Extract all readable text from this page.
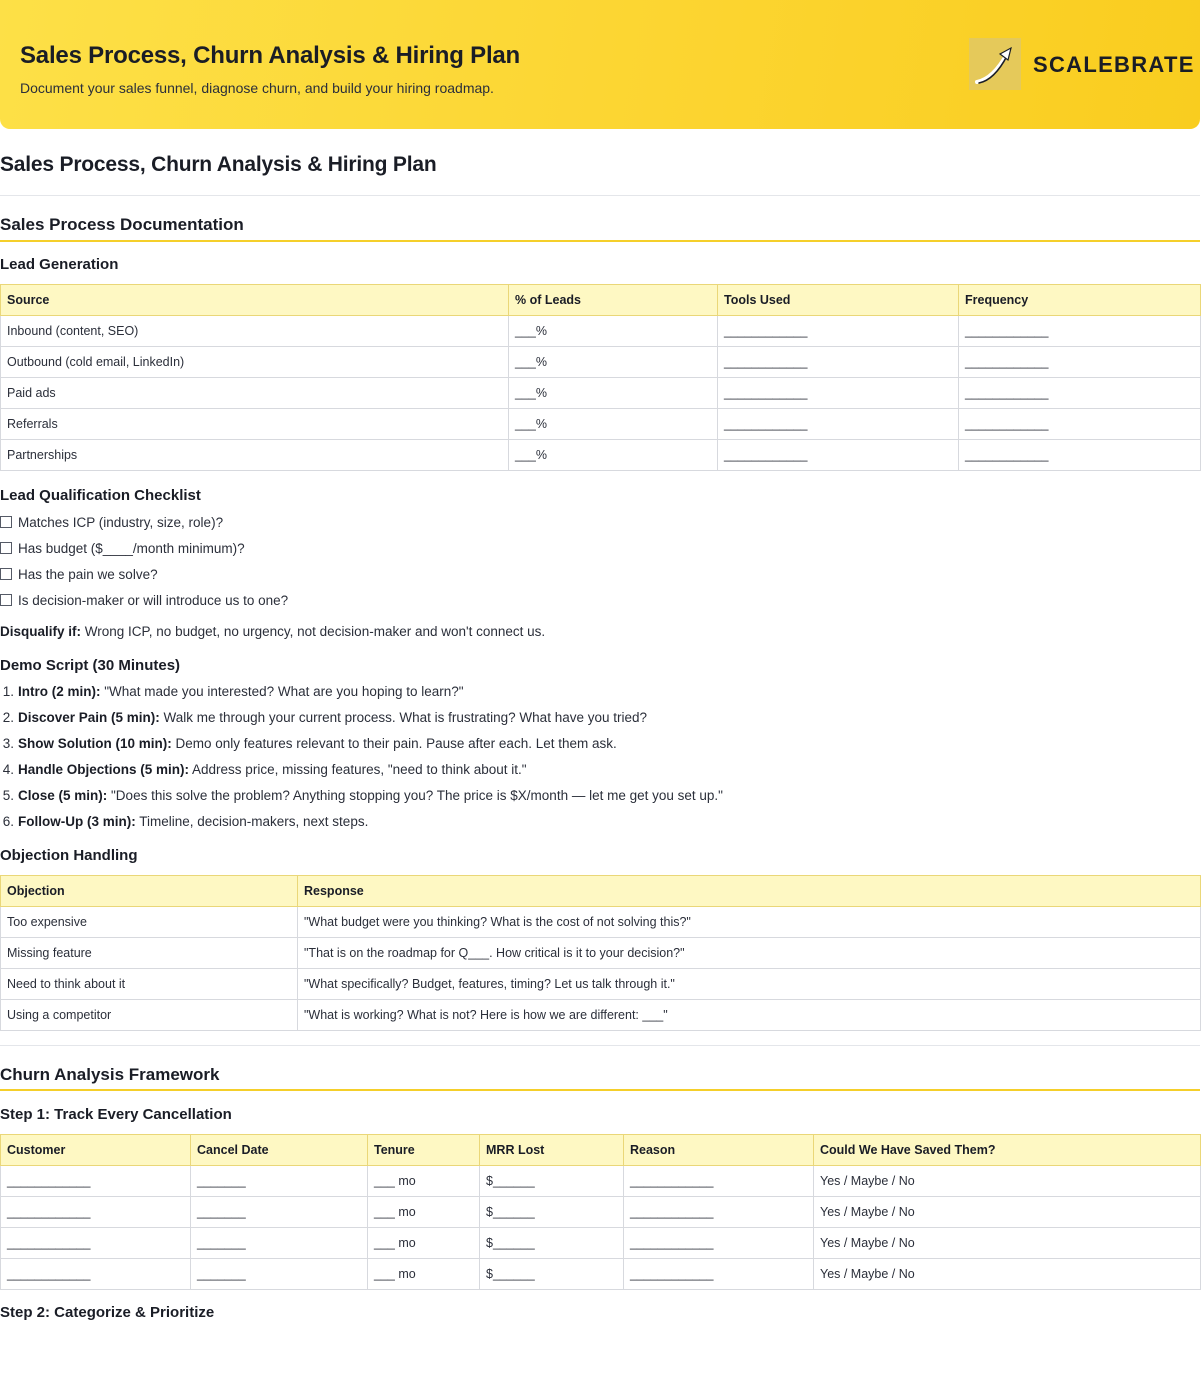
Sales Process, Churn Analysis & Hiring Plan
Document your sales funnel, diagnose churn, and build your hiring roadmap.
SCALEBRATE
Sales Process, Churn Analysis & Hiring Plan
Sales Process Documentation
Lead Generation
Source	% of Leads	Tools Used	Frequency
Inbound (content, SEO)	___%	____________	____________
Outbound (cold email, LinkedIn)	___%	____________	____________
Paid ads	___%	____________	____________
Referrals	___%	____________	____________
Partnerships	___%	____________	____________
Lead Qualification Checklist
Matches ICP (industry, size, role)?
Has budget ($____/month minimum)?
Has the pain we solve?
Is decision-maker or will introduce us to one?
Disqualify if: Wrong ICP, no budget, no urgency, not decision-maker and won't connect us.
Demo Script (30 Minutes)
1. Intro (2 min): "What made you interested? What are you hoping to learn?"
2. Discover Pain (5 min): Walk me through your current process. What is frustrating? What have you tried?
3. Show Solution (10 min): Demo only features relevant to their pain. Pause after each. Let them ask.
4. Handle Objections (5 min): Address price, missing features, "need to think about it."
5. Close (5 min): "Does this solve the problem? Anything stopping you? The price is $X/month — let me get you set up."
6. Follow-Up (3 min): Timeline, decision-makers, next steps.
Objection Handling
Objection	Response
Too expensive	"What budget were you thinking? What is the cost of not solving this?"
Missing feature	"That is on the roadmap for Q___. How critical is it to your decision?"
Need to think about it	"What specifically? Budget, features, timing? Let us talk through it."
Using a competitor	"What is working? What is not? Here is how we are different: ___"
Churn Analysis Framework
Step 1: Track Every Cancellation
Customer	Cancel Date	Tenure	MRR Lost	Reason	Could We Have Saved Them?
____________	_______	___ mo	$______	____________	Yes / Maybe / No
____________	_______	___ mo	$______	____________	Yes / Maybe / No
____________	_______	___ mo	$______	____________	Yes / Maybe / No
____________	_______	___ mo	$______	____________	Yes / Maybe / No
Step 2: Categorize & Prioritize
